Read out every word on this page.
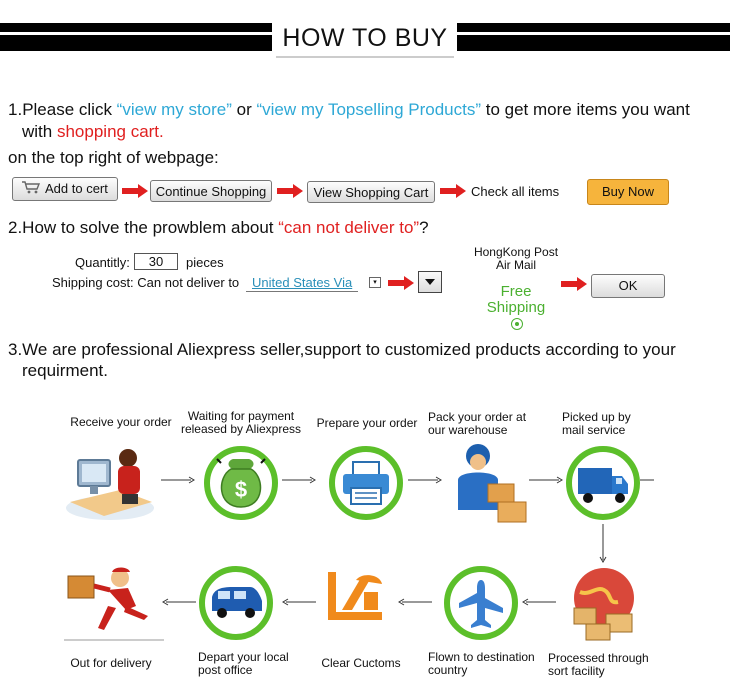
HOW TO BUY
1.Please click “view my store” or “view my Topselling Products” to get more items you want
with shopping cart.
on the top right of webpage:
Add to cert	Continue Shopping	View Shopping Cart	Check all items	Buy Now
2.How to solve the prowblem about “can not deliver to”?
Quantitly:	30	pieces
Shipping cost: Can not deliver to United States Via	▾
HongKong Post
Air Mail
Free
Shipping
OK
3.We are professional Aliexpress seller,support to customized products according to your
requirment.
Receive your order	Waiting for payment released by Aliexpress	Prepare your order Pack your order at our warehouse
Picked up by mail service
$
Out for delivery	Depart your local post office	Clear Cuctoms	Flown to destination country
Processed through sort facility
